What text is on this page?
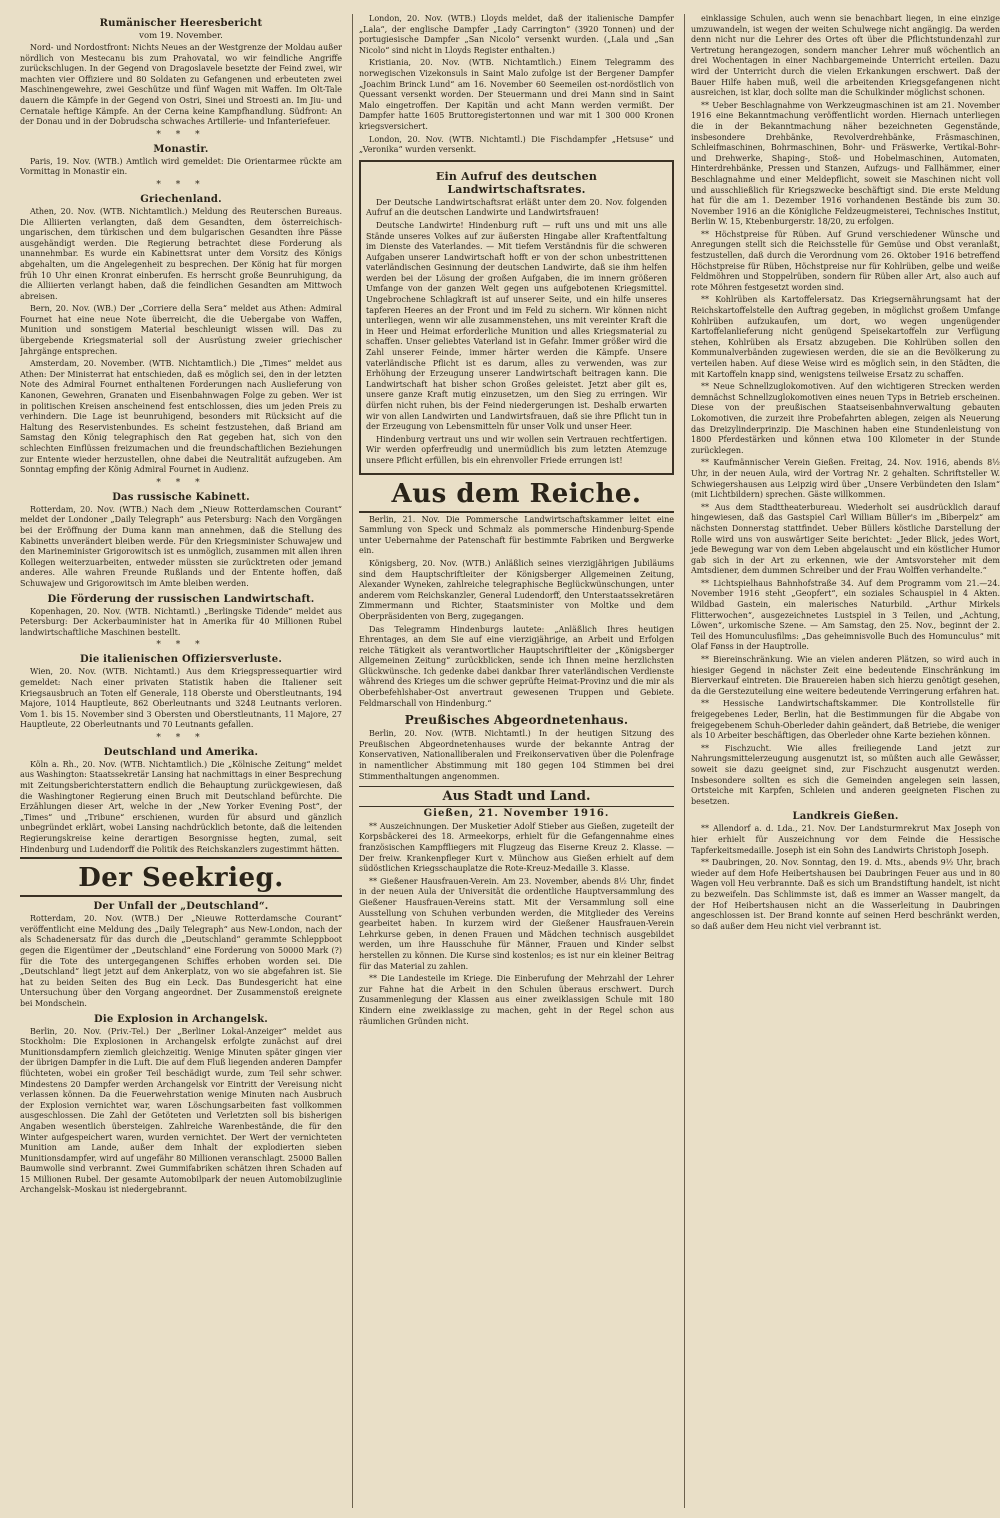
Rumänischer Heeresbericht
vom 19. November.

Nord- und Nordostfront: Nichts Neues an der Westgrenze der Moldau außer nördlich von Mestecanu bis zum Prahovatal, wo wir feindliche Angriffe zurückschlugen. In der Gegend von Dragoslavele besetzte der Feind zwei, wir machten vier Offiziere und 80 Soldaten zu Gefangenen und erbeuteten zwei Maschinengewehre, zwei Geschütze und fünf Wagen mit Waffen. Im Olt-Tale dauern die Kämpfe in der Gegend von Ostri, Sinei und Stroesti an. Im Jiu- und Cernatale heftige Kämpfe. An der Cerna keine Kampfhandlung. Südfront: An der Donau und in der Dobrudscha schwaches Artillerie- und Infanteriefeuer.

* * *
Monastir.

Paris, 19. Nov. (WTB.) Amtlich wird gemeldet: Die Orientarmee rückte am Vormittag in Monastir ein.

* * *
Griechenland.

Athen, 20. Nov. (WTB. Nichtamtlich.) Meldung des Reuterschen Bureaus. Die Alliierten verlangten, daß dem Gesandten, dem österreichisch-ungarischen, dem türkischen und dem bulgarischen Gesandten ihre Pässe ausgehändigt werden. Die Regierung betrachtet diese Forderung als unannehmbar. Es wurde ein Kabinettsrat unter dem Vorsitz des Königs abgehalten, um die Angelegenheit zu besprechen. Der König hat für morgen früh 10 Uhr einen Kronrat einberufen. Es herrscht große Beunruhigung, da die Alliierten verlangt haben, daß die feindlichen Gesandten am Mittwoch abreisen.

Bern, 20. Nov. (WB.) Der „Corriere della Sera“ meldet aus Athen: Admiral Fournet hat eine neue Note überreicht, die die Uebergabe von Waffen, Munition und sonstigem Material beschleunigt wissen will. Das zu übergebende Kriegsmaterial soll der Ausrüstung zweier griechischer Jahrgänge entsprechen.

Amsterdam, 20. November. (WTB. Nichtamtlich.) Die „Times“ meldet aus Athen: Der Ministerrat hat entschieden, daß es möglich sei, den in der letzten Note des Admiral Fournet enthaltenen Forderungen nach Auslieferung von Kanonen, Gewehren, Granaten und Eisenbahnwagen Folge zu geben. Wer ist in politischen Kreisen anscheinend fest entschlossen, dies um jeden Preis zu verhindern. Die Lage ist beunruhigend, besonders mit Rücksicht auf die Haltung des Reservistenbundes. Es scheint festzustehen, daß Briand am Samstag den König telegraphisch den Rat gegeben hat, sich von den schlechten Einflüssen freizumachen und die freundschaftlichen Beziehungen zur Entente wieder herzustellen, ohne dabei die Neutralität aufzugeben. Am Sonntag empfing der König Admiral Fournet in Audienz.

* * *
Das russische Kabinett.

Rotterdam, 20. Nov. (WTB.) Nach dem „Nieuw Rotterdamschen Courant“ meldet der Londoner „Daily Telegraph“ aus Petersburg: Nach den Vorgängen bei der Eröffnung der Duma kann man annehmen, daß die Stellung des Kabinetts unverändert bleiben werde. Für den Kriegsminister Schuwajew und den Marineminister Grigorowitsch ist es unmöglich, zusammen mit allen ihren Kollegen weiterzuarbeiten, entweder müssten sie zurücktreten oder jemand anderes. Alle wahren Freunde Rußlands und der Entente hoffen, daß Schuwajew und Grigorowitsch im Amte bleiben werden.

Die Förderung der russischen Landwirtschaft.

Kopenhagen, 20. Nov. (WTB. Nichtamtl.) „Berlingske Tidende“ meldet aus Petersburg: Der Ackerbauminister hat in Amerika für 40 Millionen Rubel landwirtschaftliche Maschinen bestellt.

* * *
Die italienischen Offiziersverluste.

Wien, 20. Nov. (WTB. Nichtamtl.) Aus dem Kriegspressequartier wird gemeldet: Nach einer privaten Statistik haben die Italiener seit Kriegsausbruch an Toten elf Generale, 118 Oberste und Oberstleutnants, 194 Majore, 1014 Hauptleute, 862 Oberleutnants und 3248 Leutnants verloren. Vom 1. bis 15. November sind 3 Obersten und Oberstleutnants, 11 Majore, 27 Hauptleute, 22 Oberleutnants und 70 Leutnants gefallen.

* * *
Deutschland und Amerika.

Köln a. Rh., 20. Nov. (WTB. Nichtamtlich.) Die „Kölnische Zeitung“ meldet aus Washington: Staatssekretär Lansing hat nachmittags in einer Besprechung mit Zeitungsberichterstattern endlich die Behauptung zurückgewiesen, daß die Washingtoner Regierung einen Bruch mit Deutschland befürchte. Die Erzählungen dieser Art, welche in der „New Yorker Evening Post“, der „Times“ und „Tribune“ erschienen, wurden für absurd und gänzlich unbegründet erklärt, wobei Lansing nachdrücklich betonte, daß die leitenden Regierungskreise keine derartigen Besorgnisse hegten, zumal, seit Hindenburg und Ludendorff die Politik des Reichskanzlers zugestimmt hätten.

Der Seekrieg.
Der Unfall der „Deutschland“.

Rotterdam, 20. Nov. (WTB.) Der „Nieuwe Rotterdamsche Courant“ veröffentlicht eine Meldung des „Daily Telegraph“ aus New-London, nach der als Schadenersatz für das durch die „Deutschland“ gerammte Schleppboot gegen die Eigentümer der „Deutschland“ eine Forderung von 50000 Mark (?) für die Tote des untergegangenen Schiffes erhoben worden sei. Die „Deutschland“ liegt jetzt auf dem Ankerplatz, von wo sie abgefahren ist. Sie hat zu beiden Seiten des Bug ein Leck. Das Bundesgericht hat eine Untersuchung über den Vorgang angeordnet. Der Zusammenstoß ereignete bei Mondschein.

Die Explosion in Archangelsk.

Berlin, 20. Nov. (Priv.-Tel.) Der „Berliner Lokal-Anzeiger“ meldet aus Stockholm: Die Explosionen in Archangelsk erfolgte zunächst auf drei Munitionsdampfern ziemlich gleichzeitig. Wenige Minuten später gingen vier der übrigen Dampfer in die Luft. Die auf dem Fluß liegenden anderen Dampfer flüchteten, wobei ein großer Teil beschädigt wurde, zum Teil sehr schwer. Mindestens 20 Dampfer werden Archangelsk vor Eintritt der Vereisung nicht verlassen können. Da die Feuerwehrstation wenige Minuten nach Ausbruch der Explosion vernichtet war, waren Löschungsarbeiten fast vollkommen ausgeschlossen. Die Zahl der Getöteten und Verletzten soll bis bisherigen Angaben wesentlich übersteigen. Zahlreiche Warenbestände, die für den Winter aufgespeichert waren, wurden vernichtet. Der Wert der vernichteten Munition am Lande, außer dem Inhalt der explodierten sieben Munitionsdampfer, wird auf ungefähr 80 Millionen veranschlagt. 25000 Ballen Baumwolle sind verbrannt. Zwei Gummifabriken schätzen ihren Schaden auf 15 Millionen Rubel. Der gesamte Automobilpark der neuen Automobilzuglinie Archangelsk–Moskau ist niedergebrannt.

London, 20. Nov. (WTB.) Lloyds meldet, daß der italienische Dampfer „Lala“, der englische Dampfer „Lady Carrington“ (3920 Tonnen) und der portugiesische Dampfer „San Nicolo“ versenkt wurden. („Lala und „San Nicolo“ sind nicht in Lloyds Register enthalten.)

Kristiania, 20. Nov. (WTB. Nichtamtlich.) Einem Telegramm des norwegischen Vizekonsuls in Saint Malo zufolge ist der Bergener Dampfer „Joachim Brinck Lund“ am 16. November 60 Seemeilen ost-nordöstlich von Quessant versenkt worden. Der Steuermann und drei Mann sind in Saint Malo eingetroffen. Der Kapitän und acht Mann werden vermißt. Der Dampfer hatte 1605 Bruttoregistertonnen und war mit 1 300 000 Kronen kriegsversichert.

London, 20. Nov. (WTB. Nichtamtl.) Die Fischdampfer „Hetsuse“ und „Veronika“ wurden versenkt.

Ein Aufruf des deutschen Landwirtschaftsrates.

Der Deutsche Landwirtschaftsrat erläßt unter dem 20. Nov. folgenden Aufruf an die deutschen Landwirte und Landwirtsfrauen!

Deutsche Landwirte! Hindenburg ruft — ruft uns und mit uns alle Stände unseres Volkes auf zur äußersten Hingabe aller Kraftentfaltung im Dienste des Vaterlandes. — Mit tiefem Verständnis für die schweren Aufgaben unserer Landwirtschaft hofft er von der schon unbestrittenen vaterländischen Gesinnung der deutschen Landwirte, daß sie ihm helfen werden bei der Lösung der großen Aufgaben, die im innern größeren Umfange von der ganzen Welt gegen uns aufgebotenen Kriegsmittel. Ungebrochene Schlagkraft ist auf unserer Seite, und ein hilfe unseres tapferen Heeres an der Front und im Feld zu sichern. Wir können nicht unterliegen, wenn wir alle zusammenstehen, uns mit vereinter Kraft die in Heer und Heimat erforderliche Munition und alles Kriegsmaterial zu schaffen. Unser geliebtes Vaterland ist in Gefahr. Immer größer wird die Zahl unserer Feinde, immer härter werden die Kämpfe. Unsere vaterländische Pflicht ist es darum, alles zu verwenden, was zur Erhöhung der Erzeugung unserer Landwirtschaft beitragen kann. Die Landwirtschaft hat bisher schon Großes geleistet. Jetzt aber gilt es, unsere ganze Kraft mutig einzusetzen, um den Sieg zu erringen. Wir dürfen nicht ruhen, bis der Feind niedergerungen ist. Deshalb erwarten wir von allen Landwirten und Landwirtsfrauen, daß sie ihre Pflicht tun in der Erzeugung von Lebensmitteln für unser Volk und unser Heer.

Hindenburg vertraut uns und wir wollen sein Vertrauen rechtfertigen. Wir werden opferfreudig und unermüdlich bis zum letzten Atemzuge unsere Pflicht erfüllen, bis ein ehrenvoller Friede errungen ist!

Aus dem Reiche.

Berlin, 21. Nov. Die Pommersche Landwirtschaftskammer leitet eine Sammlung von Speck und Schmalz als pommersche Hindenburg-Spende unter Uebernahme der Patenschaft für bestimmte Fabriken und Bergwerke ein.

Königsberg, 20. Nov. (WTB.) Anläßlich seines vierzigjährigen Jubiläums sind dem Hauptschriftleiter der Königsberger Allgemeinen Zeitung, Alexander Wyneken, zahlreiche telegraphische Beglückwünschungen, unter anderem vom Reichskanzler, General Ludendorff, den Unterstaatssekretären Zimmermann und Richter, Staatsminister von Moltke und dem Oberpräsidenten von Berg, zugegangen.

Das Telegramm Hindenburgs lautete: „Anläßlich Ihres heutigen Ehrentages, an dem Sie auf eine vierzigjährige, an Arbeit und Erfolgen reiche Tätigkeit als verantwortlicher Hauptschriftleiter der „Königsberger Allgemeinen Zeitung“ zurückblicken, sende ich Ihnen meine herzlichsten Glückwünsche. Ich gedenke dabei dankbar Ihrer vaterländischen Verdienste während des Krieges um die schwer geprüfte Heimat-Provinz und die mir als Oberbefehlshaber-Ost anvertraut gewesenen Truppen und Gebiete. Feldmarschall von Hindenburg.“

Preußisches Abgeordnetenhaus.

Berlin, 20. Nov. (WTB. Nichtamtl.) In der heutigen Sitzung des Preußischen Abgeordnetenhauses wurde der bekannte Antrag der Konservativen, Nationalliberalen und Freikonservativen über die Polenfrage in namentlicher Abstimmung mit 180 gegen 104 Stimmen bei drei Stimmenthaltungen angenommen.

Aus Stadt und Land.

Gießen, 21. November 1916.

** Auszeichnungen. Der Musketier Adolf Stieber aus Gießen, zugeteilt der Korpsbäckerei des 18. Armeekorps, erhielt für die Gefangennahme eines französischen Kampffliegers mit Flugzeug das Eiserne Kreuz 2. Klasse. — Der freiw. Krankenpfleger Kurt v. Münchow aus Gießen erhielt auf dem südöstlichen Kriegsschauplatze die Rote-Kreuz-Medaille 3. Klasse.

** Gießener Hausfrauen-Verein. Am 23. November, abends 8½ Uhr, findet in der neuen Aula der Universität die ordentliche Hauptversammlung des Gießener Hausfrauen-Vereins statt. Mit der Versammlung soll eine Ausstellung von Schuhen verbunden werden, die Mitglieder des Vereins gearbeitet haben. In kurzem wird der Gießener Hausfrauen-Verein Lehrkurse geben, in denen Frauen und Mädchen technisch ausgebildet werden, um ihre Hausschuhe für Männer, Frauen und Kinder selbst herstellen zu können. Die Kurse sind kostenlos; es ist nur ein kleiner Beitrag für das Material zu zahlen.

** Die Landesteile im Kriege. Die Einberufung der Mehrzahl der Lehrer zur Fahne hat die Arbeit in den Schulen überaus erschwert. Durch Zusammenlegung der Klassen aus einer zweiklassigen Schule mit 180 Kindern eine zweiklassige zu machen, geht in der Regel schon aus räumlichen Gründen nicht.

einklassige Schulen, auch wenn sie benachbart liegen, in eine einzige umzuwandeln, ist wegen der weiten Schulwege nicht angängig. Da werden denn nicht nur die Lehrer des Ortes oft über die Pflichtstundenzahl zur Vertretung herangezogen, sondern mancher Lehrer muß wöchentlich an drei Wochentagen in einer Nachbargemeinde Unterricht erteilen. Dazu wird der Unterricht durch die vielen Erkankungen erschwert. Daß der Bauer Hilfe haben muß, weil die arbeitenden Kriegsgefangenen nicht ausreichen, ist klar, doch sollte man die Schulkinder möglichst schonen.

** Ueber Beschlagnahme von Werkzeugmaschinen ist am 21. November 1916 eine Bekanntmachung veröffentlicht worden. Hiernach unterliegen die in der Bekanntmachung näher bezeichneten Gegenstände, insbesondere Drehbänke, Revolverdrehbänke, Fräsmaschinen, Schleifmaschinen, Bohrmaschinen, Bohr- und Fräswerke, Vertikal-Bohr- und Drehwerke, Shaping-, Stoß- und Hobelmaschinen, Automaten, Hinterdrehbänke, Pressen und Stanzen, Aufzugs- und Fallhämmer, einer Beschlagnahme und einer Meldepflicht, soweit sie Maschinen nicht voll und ausschließlich für Kriegszwecke beschäftigt sind. Die erste Meldung hat für die am 1. Dezember 1916 vorhandenen Bestände bis zum 30. November 1916 an die Königliche Feldzeugmeisterei, Technisches Institut, Berlin W. 15, Ktebenburgerstr. 18/20, zu erfolgen.

** Höchstpreise für Rüben. Auf Grund verschiedener Wünsche und Anregungen stellt sich die Reichsstelle für Gemüse und Obst veranlaßt, festzustellen, daß durch die Verordnung vom 26. Oktober 1916 betreffend Höchstpreise für Rüben, Höchstpreise nur für Kohlrüben, gelbe und weiße Feldmöhren und Stoppelrüben, sondern für Rüben aller Art, also auch auf rote Möhren festgesetzt worden sind.

** Kohlrüben als Kartoffelersatz. Das Kriegsernährungsamt hat der Reichskartoffelstelle den Auftrag gegeben, in möglichst großem Umfange Kohlrüben aufzukaufen, um dort, wo wegen ungenügender Kartoffelanlieferung nicht genügend Speisekartoffeln zur Verfügung stehen, Kohlrüben als Ersatz abzugeben. Die Kohlrüben sollen den Kommunalverbänden zugewiesen werden, die sie an die Bevölkerung zu verteilen haben. Auf diese Weise wird es möglich sein, in den Städten, die mit Kartoffeln knapp sind, wenigstens teilweise Ersatz zu schaffen.

** Neue Schnellzuglokomotiven. Auf den wichtigeren Strecken werden demnächst Schnellzuglokomotiven eines neuen Typs in Betrieb erscheinen. Diese von der preußischen Staatseisenbahnverwaltung gebauten Lokomotiven, die zurzeit ihre Probefahrten ablegen, zeigen als Neuerung das Dreizylinderprinzip. Die Maschinen haben eine Stundenleistung von 1800 Pferdestärken und können etwa 100 Kilometer in der Stunde zurücklegen.

** Kaufmännischer Verein Gießen. Freitag, 24. Nov. 1916, abends 8½ Uhr, in der neuen Aula, wird der Vortrag Nr. 2 gehalten. Schriftsteller W. Schwiegershausen aus Leipzig wird über „Unsere Verbündeten den Islam“ (mit Lichtbildern) sprechen. Gäste willkommen.

** Aus dem Stadttheaterbureau. Wiederholt sei ausdrücklich darauf hingewiesen, daß das Gastspiel Carl William Büller's im „Biberpelz“ am nächsten Donnerstag stattfindet. Ueber Büllers köstliche Darstellung der Rolle wird uns von auswärtiger Seite berichtet: „Jeder Blick, jedes Wort, jede Bewegung war von dem Leben abgelauscht und ein köstlicher Humor gab sich in der Art zu erkennen, wie der Amtsvorsteher mit dem Amtsdiener, dem dummen Schreiber und der Frau Wolffen verhandelte.“

** Lichtspielhaus Bahnhofstraße 34. Auf dem Programm vom 21.—24. November 1916 steht „Geopfert“, ein soziales Schauspiel in 4 Akten. Wildbad Gastein, ein malerisches Naturbild. „Arthur Mirkels Flitterwochen“, ausgezeichnetes Lustspiel in 3 Teilen, und „Achtung, Löwen“, urkomische Szene. — Am Samstag, den 25. Nov., beginnt der 2. Teil des Homunculusfilms: „Das geheimnisvolle Buch des Homunculus“ mit Olaf Fønss in der Hauptrolle.

** Biereinschränkung. Wie an vielen anderen Plätzen, so wird auch in hiesiger Gegend in nächster Zeit eine bedeutende Einschränkung im Bierverkauf eintreten. Die Brauereien haben sich hierzu genötigt gesehen, da die Gerstezuteilung eine weitere bedeutende Verringerung erfahren hat.

** Hessische Landwirtschaftskammer. Die Kontrollstelle für freigegebenes Leder, Berlin, hat die Bestimmungen für die Abgabe von freigegebenem Schuh-Oberleder dahin geändert, daß Betriebe, die weniger als 10 Arbeiter beschäftigen, das Oberleder ohne Karte beziehen können.

** Fischzucht. Wie alles freiliegende Land jetzt zur Nahrungsmittelerzeugung ausgenutzt ist, so müßten auch alle Gewässer, soweit sie dazu geeignet sind, zur Fischzucht ausgenutzt werden. Insbesondere sollten es sich die Gemeinden angelegen sein lassen, Ortsteiche mit Karpfen, Schleien und anderen geeigneten Fischen zu besetzen.

Landkreis Gießen.

** Allendorf a. d. Lda., 21. Nov. Der Landsturmrekrut Max Joseph von hier erhielt für Auszeichnung vor dem Feinde die Hessische Tapferkeitsmedaille. Joseph ist ein Sohn des Landwirts Christoph Joseph.

** Daubringen, 20. Nov. Sonntag, den 19. d. Mts., abends 9½ Uhr, brach wieder auf dem Hofe Heibertshausen bei Daubringen Feuer aus und in 80 Wagen voll Heu verbrannte. Daß es sich um Brandstiftung handelt, ist nicht zu bezweifeln. Das Schlimmste ist, daß es immer an Wasser mangelt, da der Hof Heibertshausen nicht an die Wasserleitung in Daubringen angeschlossen ist. Der Brand konnte auf seinen Herd beschränkt werden, so daß außer dem Heu nicht viel verbrannt ist.
